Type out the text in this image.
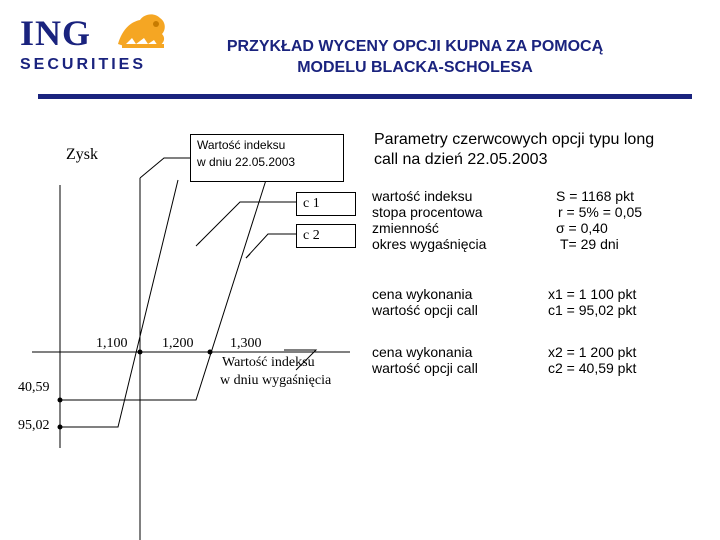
ING
SECURITIES
PRZYKŁAD WYCENY OPCJI KUPNA ZA POMOCĄ
MODELU BLACKA-SCHOLESA
Zysk
Wartość indeksu
w dniu 22.05.2003
c 1
c 2
1,100 1,200	1,300
Wartość indeksu
w dniu wygaśnięcia
40,59
95,02
Parametry czerwcowych opcji typu long
call na dzień 22.05.2003
wartość indeksu
stopa procentowa
zmienność
okres wygaśnięcia
S = 1168 pkt
r = 5% = 0,05
σ = 0,40
T= 29 dni
cena wykonania
wartość opcji call
x1 = 1 100 pkt
c1 = 95,02 pkt
cena wykonania
wartość opcji call
x2 = 1 200 pkt
c2 = 40,59 pkt
